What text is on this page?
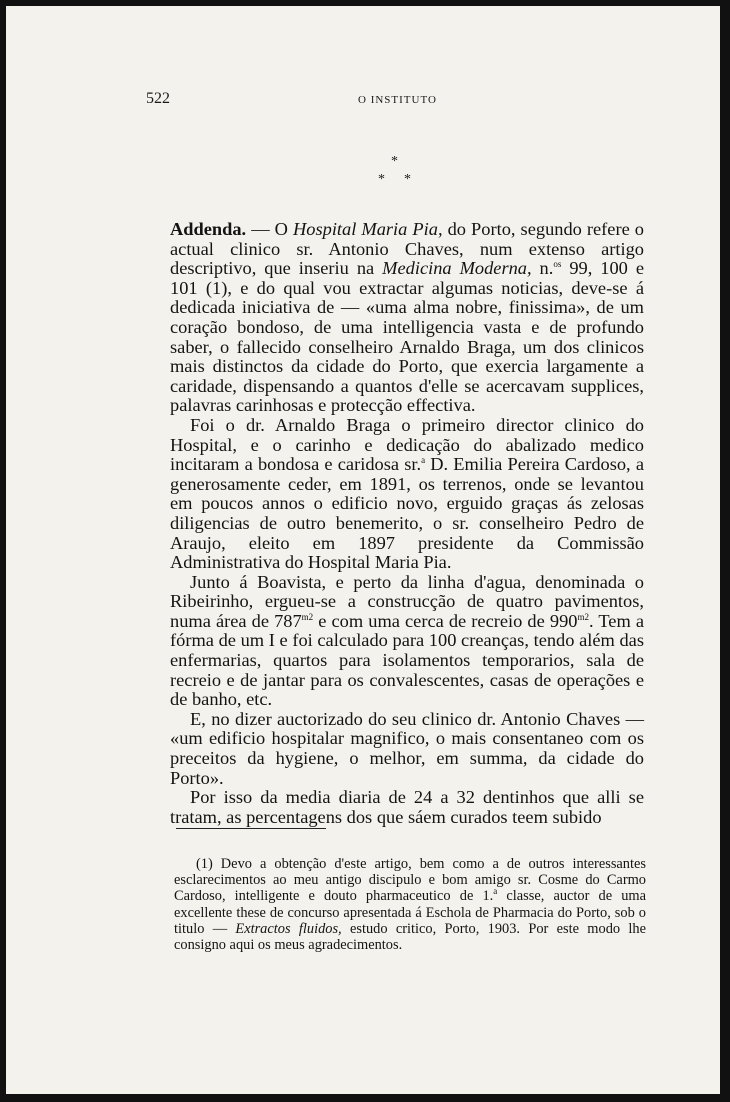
522	O INSTITUTO
*
* *

Addenda. — O Hospital Maria Pia, do Porto, segundo refere o actual clinico sr. Antonio Chaves, num extenso artigo descriptivo, que inseriu na Medicina Moderna, n.$^{os}$ 99, 100 e 101 (1), e do qual vou extractar algumas noticias, deve-se á dedicada iniciativa de — «uma alma nobre, finissima», de um coração bondoso, de uma intelligencia vasta e de profundo saber, o fallecido conselheiro Arnaldo Braga, um dos clinicos mais distinctos da cidade do Porto, que exercia largamente a caridade, dispensando a quantos d'elle se acercavam supplices, palavras carinhosas e protecção effectiva.

Foi o dr. Arnaldo Braga o primeiro director clinico do Hospital, e o carinho e dedicação do abalizado medico incitaram a bondosa e caridosa sr.$^a$ D. Emilia Pereira Cardoso, a generosamente ceder, em 1891, os terrenos, onde se levantou em poucos annos o edificio novo, erguido graças ás zelosas diligencias de outro benemerito, o sr. conselheiro Pedro de Araujo, eleito em 1897 presidente da Commissão Administrativa do Hospital Maria Pia.

Junto á Boavista, e perto da linha d'agua, denominada o Ribeirinho, ergueu-se a construcção de quatro pavimentos, numa área de $787^{m2}$ e com uma cerca de recreio de $990^{m2}$. Tem a fórma de um I e foi calculado para 100 creanças, tendo além das enfermarias, quartos para isolamentos temporarios, sala de recreio e de jantar para os convalescentes, casas de operações e de banho, etc.

E, no dizer auctorizado do seu clinico dr. Antonio Chaves — «um edificio hospitalar magnifico, o mais consentaneo com os preceitos da hygiene, o melhor, em summa, da cidade do Porto».

Por isso da media diaria de 24 a 32 dentinhos que alli se tratam, as percentagens dos que sáem curados teem subido

(1) Devo a obtenção d'este artigo, bem como a de outros interessantes esclarecimentos ao meu antigo discipulo e bom amigo sr. Cosme do Carmo Cardoso, intelligente e douto pharmaceutico de 1.$^a$ classe, auctor de uma excellente these de concurso apresentada á Eschola de Pharmacia do Porto, sob o titulo — Extractos fluidos, estudo critico, Porto, 1903. Por este modo lhe consigno aqui os meus agradecimentos.
